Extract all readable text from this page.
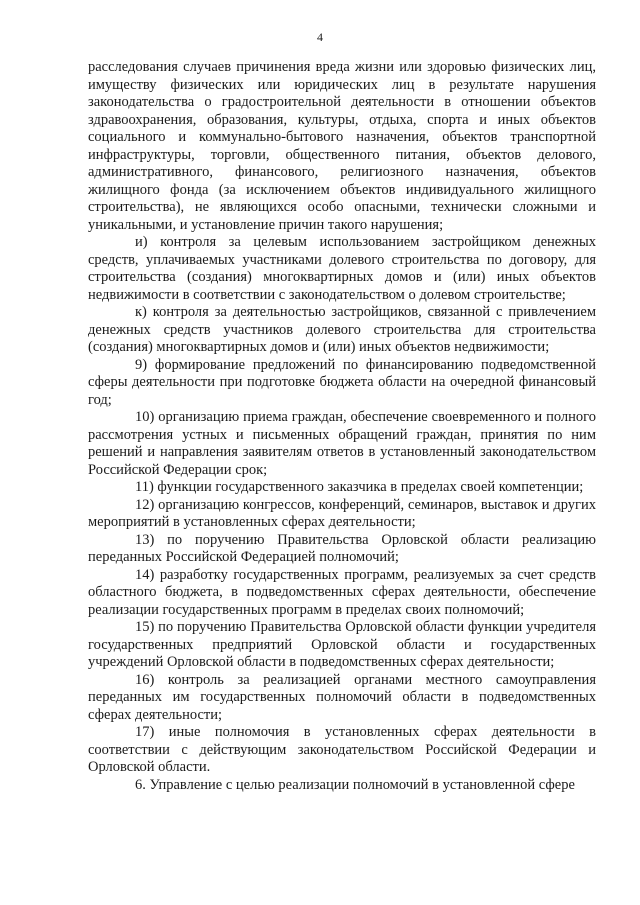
4

расследования случаев причинения вреда жизни или здоровью физических лиц, имуществу физических или юридических лиц в результате нарушения законодательства о градостроительной деятельности в отношении объектов здравоохранения, образования, культуры, отдыха, спорта и иных объектов социального и коммунально-бытового назначения, объектов транспортной инфраструктуры, торговли, общественного питания, объектов делового, административного, финансового, религиозного назначения, объектов жилищного фонда (за исключением объектов индивидуального жилищного строительства), не являющихся особо опасными, технически сложными и уникальными, и установление причин такого нарушения;

и) контроля за целевым использованием застройщиком денежных средств, уплачиваемых участниками долевого строительства по договору, для строительства (создания) многоквартирных домов и (или) иных объектов недвижимости в соответствии с законодательством о долевом строительстве;

к) контроля за деятельностью застройщиков, связанной с привлечением денежных средств участников долевого строительства для строительства (создания) многоквартирных домов и (или) иных объектов недвижимости;

9) формирование предложений по финансированию подведомственной сферы деятельности при подготовке бюджета области на очередной финансовый год;

10) организацию приема граждан, обеспечение своевременного и полного рассмотрения устных и письменных обращений граждан, принятия по ним решений и направления заявителям ответов в установленный законодательством Российской Федерации срок;

11) функции государственного заказчика в пределах своей компетенции;

12) организацию конгрессов, конференций, семинаров, выставок и других мероприятий в установленных сферах деятельности;

13) по поручению Правительства Орловской области реализацию переданных Российской Федерацией полномочий;

14) разработку государственных программ, реализуемых за счет средств областного бюджета, в подведомственных сферах деятельности, обеспечение реализации государственных программ в пределах своих полномочий;

15) по поручению Правительства Орловской области функции учредителя государственных предприятий Орловской области и государственных учреждений Орловской области в подведомственных сферах деятельности;

16) контроль за реализацией органами местного самоуправления переданных им государственных полномочий области в подведомственных сферах деятельности;

17) иные полномочия в установленных сферах деятельности в соответствии с действующим законодательством Российской Федерации и Орловской области.

6. Управление с целью реализации полномочий в установленной сфере
